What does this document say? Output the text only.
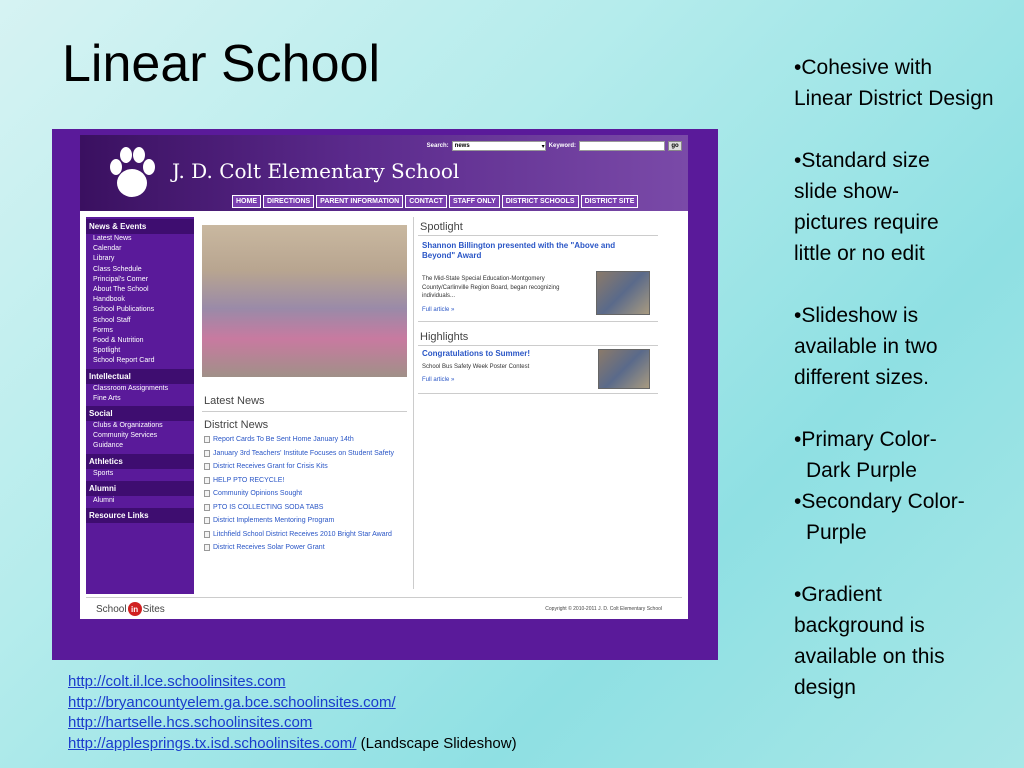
Linear School	•Cohesive with

Linear District Design

•Standard size

slide show-

pictures require

little or no edit

•Slideshow is

available in two

different sizes.

•Primary Color-

Dark Purple

•Secondary Color-

Purple

•Gradient

background is

available on this

design

J. D. Colt Elementary School
Search: news	▾ Keyword:	go
HOME	DIRECTIONS	PARENT INFORMATION	CONTACT	STAFF ONLY	DISTRICT SCHOOLS	DISTRICT SITE
News & Events
Latest News
Calendar
Library
Class Schedule
Principal's Corner
About The School
Handbook
School Publications
School Staff
Forms
Food & Nutrition
Spotlight
School Report Card
Intellectual
Classroom Assignments
Fine Arts
Social
Clubs & Organizations
Community Services
Guidance
Athletics
Sports
Alumni
Alumni
Resource Links
Latest News
District News
Report Cards To Be Sent Home January 14th
January 3rd Teachers' Institute Focuses on Student Safety
District Receives Grant for Crisis Kits
HELP PTO RECYCLE!
Community Opinions Sought
PTO IS COLLECTING SODA TABS
District Implements Mentoring Program
Litchfield School District Receives 2010 Bright Star Award
District Receives Solar Power Grant
Spotlight
Shannon Billington presented with the "Above and Beyond" Award
The Mid-State Special Education-Montgomery County/Carlinville Region Board, began recognizing individuals...
Full article »
Highlights
Congratulations to Summer!
School Bus Safety Week Poster Contest
Full article »
School in Sites	Copyright © 2010-2011 J. D. Colt Elementary School
http://colt.il.lce.schoolinsites.com
http://bryancountyelem.ga.bce.schoolinsites.com/
http://hartselle.hcs.schoolinsites.com
http://applesprings.tx.isd.schoolinsites.com/ (Landscape Slideshow)
